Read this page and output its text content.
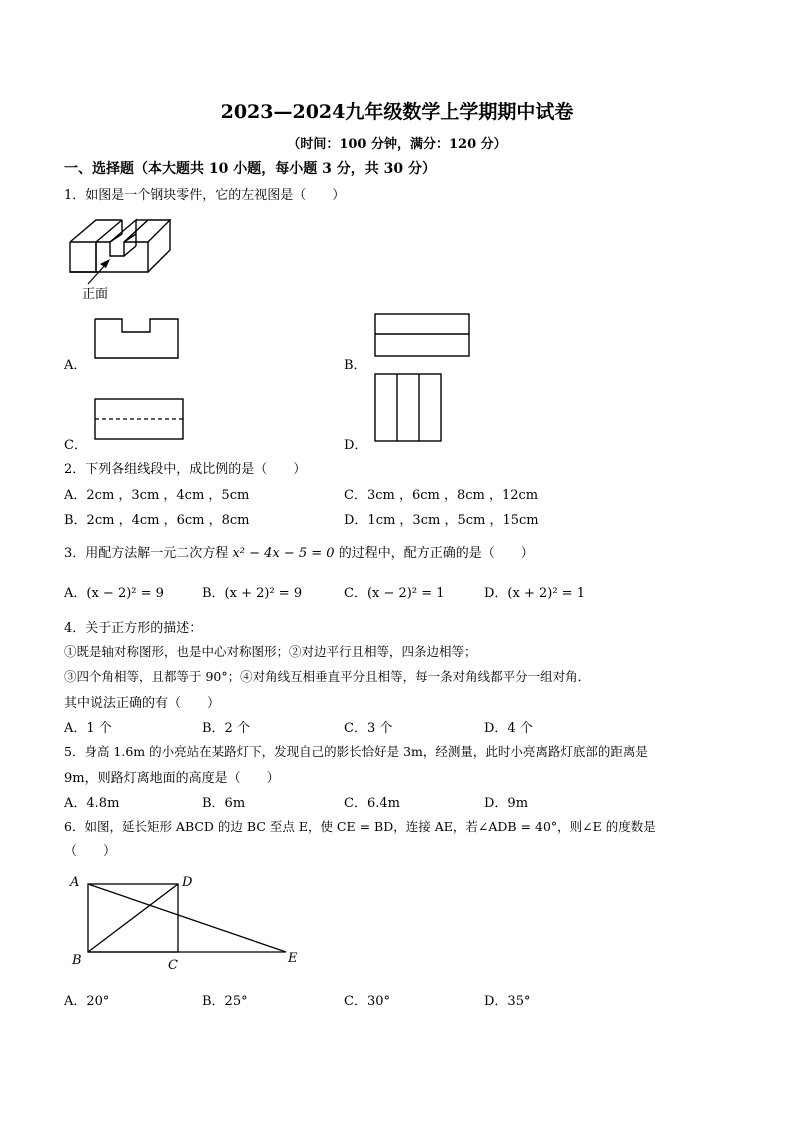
2023—2024九年级数学上学期期中试卷
（时间：100 分钟，满分：120 分）
一、选择题（本大题共 10 小题，每小题 3 分，共 30 分）
1．如图是一个钢块零件，它的左视图是（　　）
正面
A．	B．
C．	D．
2．下列各组线段中，成比例的是（　　）
A．2cm ，3cm ，4cm ，5cm	C．3cm ，6cm ，8cm ，12cm
B．2cm ，4cm ，6cm ，8cm	D．1cm ，3cm ，5cm ，15cm
3．用配方法解一元二次方程 x² − 4x − 5 = 0 的过程中，配方正确的是（　　）
A．(x − 2)² = 9	B．(x + 2)² = 9	C．(x − 2)² = 1	D．(x + 2)² = 1
4．关于正方形的描述：
①既是轴对称图形，也是中心对称图形；②对边平行且相等，四条边相等；
③四个角相等，且都等于 90°；④对角线互相垂直平分且相等，每一条对角线都平分一组对角．
其中说法正确的有（　　）
A．1 个	B．2 个	C．3 个	D．4 个
5．身高 1.6m 的小亮站在某路灯下，发现自己的影长恰好是 3m，经测量，此时小亮离路灯底部的距离是
9m，则路灯离地面的高度是（　　）
A．4.8m	B．6m	C．6.4m	D．9m
6．如图，延长矩形 ABCD 的边 BC 至点 E，使 CE = BD，连接 AE，若∠ADB = 40°，则∠E 的度数是
（　　）
A	D
B	C	E
A．20°	B．25°	C．30°	D．35°
